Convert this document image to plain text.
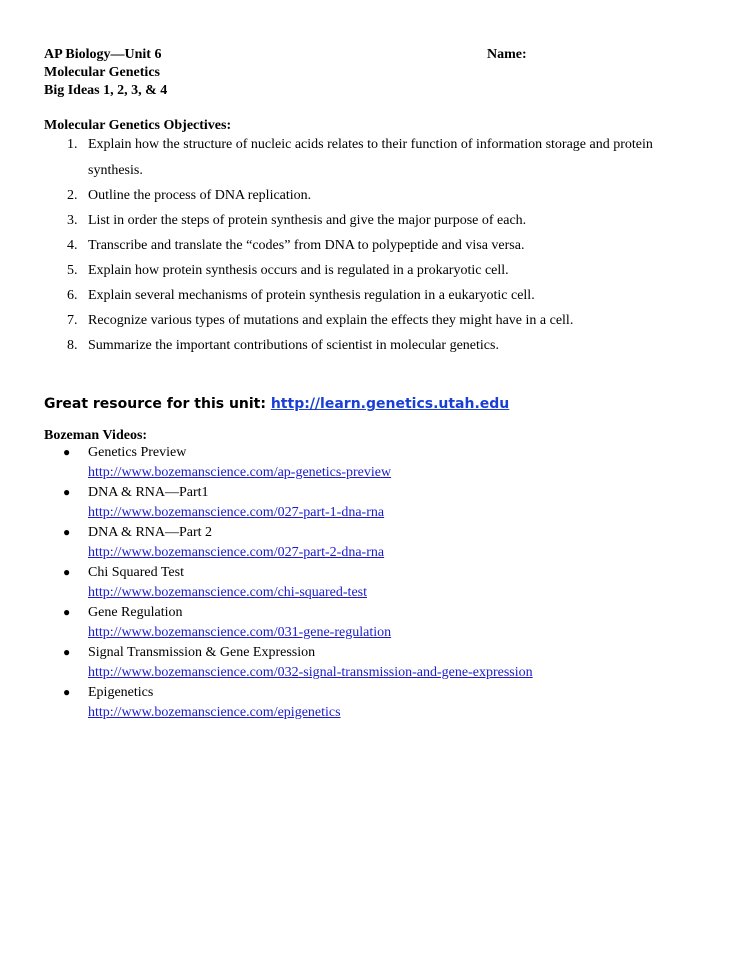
AP Biology—Unit 6
Molecular Genetics
Big Ideas 1, 2, 3, & 4
Name:
Molecular Genetics Objectives:
1. Explain how the structure of nucleic acids relates to their function of information storage and protein
synthesis.
2. Outline the process of DNA replication.
3. List in order the steps of protein synthesis and give the major purpose of each.
4. Transcribe and translate the “codes” from DNA to polypeptide and visa versa.
5. Explain how protein synthesis occurs and is regulated in a prokaryotic cell.
6. Explain several mechanisms of protein synthesis regulation in a eukaryotic cell.
7. Recognize various types of mutations and explain the effects they might have in a cell.
8. Summarize the important contributions of scientist in molecular genetics.
Great resource for this unit: http://learn.genetics.utah.edu
Bozeman Videos:
● Genetics Preview
http://www.bozemanscience.com/ap-genetics-preview
● DNA & RNA—Part1
http://www.bozemanscience.com/027-part-1-dna-rna
● DNA & RNA—Part 2
http://www.bozemanscience.com/027-part-2-dna-rna
● Chi Squared Test
http://www.bozemanscience.com/chi-squared-test
● Gene Regulation
http://www.bozemanscience.com/031-gene-regulation
● Signal Transmission & Gene Expression
http://www.bozemanscience.com/032-signal-transmission-and-gene-expression
● Epigenetics
http://www.bozemanscience.com/epigenetics
